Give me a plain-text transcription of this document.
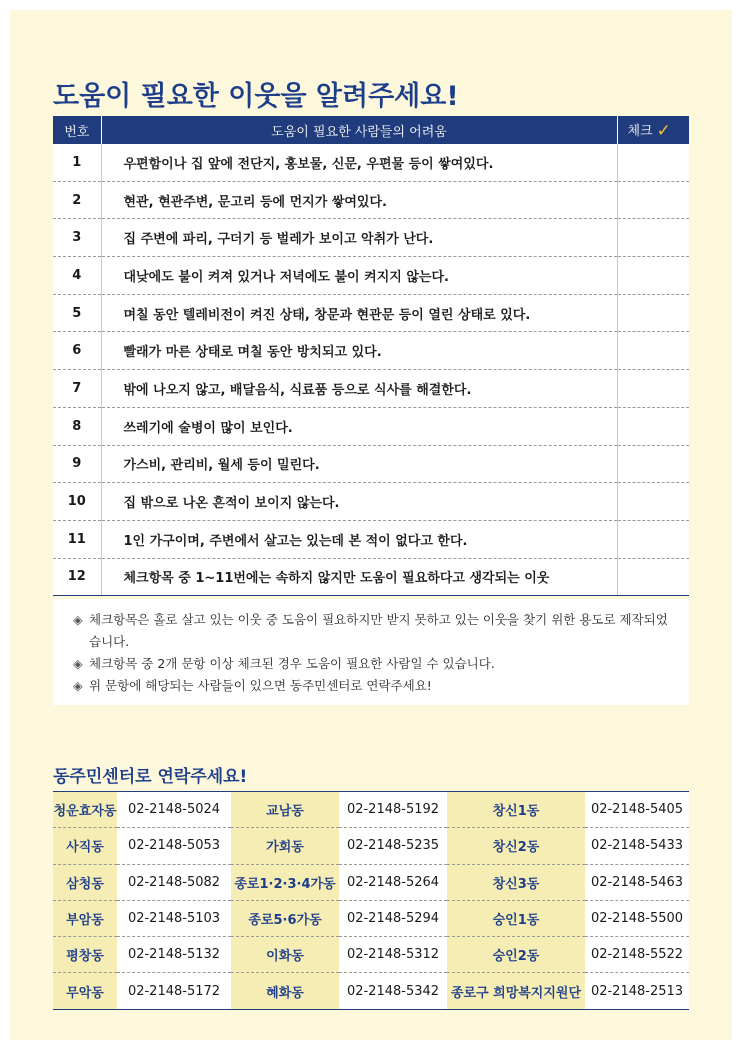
도움이 필요한 이웃을 알려주세요!
번호	도움이 필요한 사람들의 어려움	체크 ✓
1	우편함이나 집 앞에 전단지, 홍보물, 신문, 우편물 등이 쌓여있다.	
2	현관, 현관주변, 문고리 등에 먼지가 쌓여있다.	
3	집 주변에 파리, 구더기 등 벌레가 보이고 악취가 난다.	
4	대낮에도 불이 켜져 있거나 저녁에도 불이 켜지지 않는다.	
5	며칠 동안 텔레비전이 켜진 상태, 창문과 현관문 등이 열린 상태로 있다.	
6	빨래가 마른 상태로 며칠 동안 방치되고 있다.	
7	밖에 나오지 않고, 배달음식, 식료품 등으로 식사를 해결한다.	
8	쓰레기에 술병이 많이 보인다.	
9	가스비, 관리비, 월세 등이 밀린다.	
10	집 밖으로 나온 흔적이 보이지 않는다.	
11	1인 가구이며, 주변에서 살고는 있는데 본 적이 없다고 한다.	
12	체크항목 중 1~11번에는 속하지 않지만 도움이 필요하다고 생각되는 이웃	
◈ 체크항목은 홀로 살고 있는 이웃 중 도움이 필요하지만 받지 못하고 있는 이웃을 찾기 위한 용도로 제작되었습니다.
◈ 체크항목 중 2개 문항 이상 체크된 경우 도움이 필요한 사람일 수 있습니다.
◈ 위 문항에 해당되는 사람들이 있으면 동주민센터로 연락주세요!
동주민센터로 연락주세요!
청운효자동	02-2148-5024	교남동	02-2148-5192	창신1동	02-2148-5405
사직동	02-2148-5053	가회동	02-2148-5235	창신2동	02-2148-5433
삼청동	02-2148-5082	종로1·2·3·4가동	02-2148-5264	창신3동	02-2148-5463
부암동	02-2148-5103	종로5·6가동	02-2148-5294	숭인1동	02-2148-5500
평창동	02-2148-5132	이화동	02-2148-5312	숭인2동	02-2148-5522
무악동	02-2148-5172	혜화동	02-2148-5342	종로구 희망복지지원단	02-2148-2513
